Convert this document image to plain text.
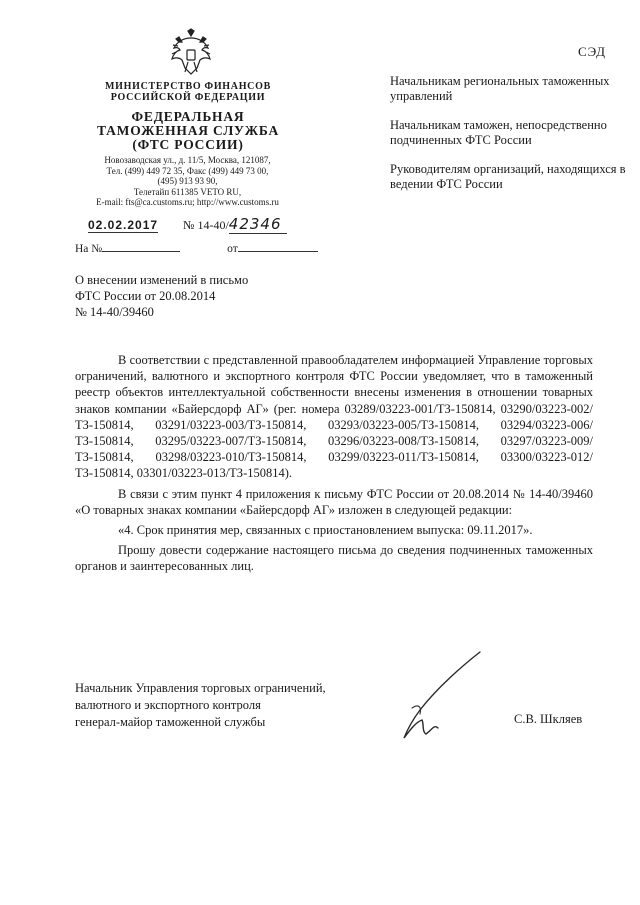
СЭД
МИНИСТЕРСТВО ФИНАНСОВ
РОССИЙСКОЙ ФЕДЕРАЦИИ
ФЕДЕРАЛЬНАЯ
ТАМОЖЕННАЯ СЛУЖБА
(ФТС РОССИИ)
Новозаводская ул., д. 11/5, Москва, 121087,
Тел. (499) 449 72 35, Факс (499) 449 73 00,
(495) 913 93 90,
Телетайп 611385 VETO RU,
E-mail: fts@ca.customs.ru; http://www.customs.ru
02.02.2017 № 14-40/42346
На №	от
Начальникам региональных таможенных управлений
Начальникам таможен, непосредственно подчиненных ФТС России
Руководителям организаций, находящихся в ведении ФТС России
О внесении изменений в письмо
ФТС России от 20.08.2014
№ 14-40/39460

В соответствии с представленной правообладателем информацией Управление торговых ограничений, валютного и экспортного контроля ФТС России уведомляет, что в таможенный реестр объектов интеллектуальной собственности внесены изменения в отношении товарных знаков компании «Байерсдорф АГ» (рег. номера 03289/03223-001/ТЗ-150814, 03290/03223-002/ТЗ-150814, 03291/03223-003/ТЗ-150814, 03293/03223-005/ТЗ-150814, 03294/03223-006/ТЗ-150814, 03295/03223-007/ТЗ-150814, 03296/03223-008/ТЗ-150814, 03297/03223-009/ТЗ-150814, 03298/03223-010/ТЗ-150814, 03299/03223-011/ТЗ-150814, 03300/03223-012/ТЗ-150814, 03301/03223-013/ТЗ-150814).

В связи с этим пункт 4 приложения к письму ФТС России от 20.08.2014 № 14-40/39460 «О товарных знаках компании «Байерсдорф АГ» изложен в следующей редакции:

«4. Срок принятия мер, связанных с приостановлением выпуска: 09.11.2017».

Прошу довести содержание настоящего письма до сведения подчиненных таможенных органов и заинтересованных лиц.

Начальник Управления торговых ограничений,
валютного и экспортного контроля
генерал-майор таможенной службы	С.В. Шкляев
